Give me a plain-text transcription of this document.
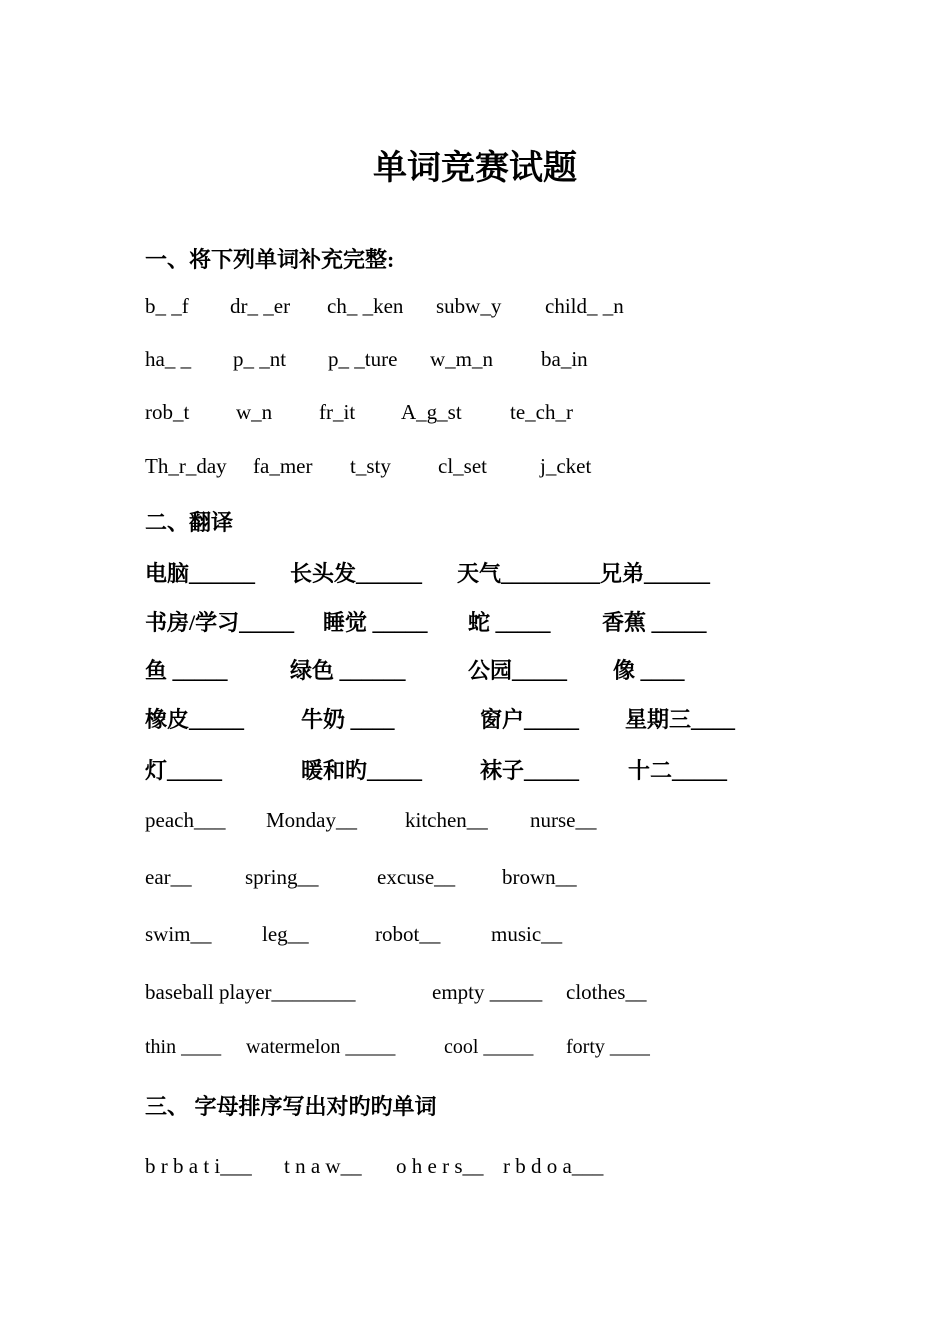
单词竞赛试题
一、将下列单词补充完整:
b_ _f dr_ _er ch_ _ken subw_y child_ _n
ha_ _ p_ _nt p_ _ture w_m_n ba_in
rob_t w_n fr_it A_g_st te_ch_r
Th_r_day fa_mer t_sty cl_set	j_cket
二、翻译
电脑______ 长头发______ 天气_________兄弟______
书房/学习_____ 睡觉 _____ 蛇 _____ 香蕉 _____
鱼 _____	绿色 ______	公园_____ 像 ____
橡皮_____	牛奶 ____	窗户_____ 星期三____
灯_____	暖和旳_____	袜子_____ 十二_____
peach___ Monday__ kitchen__ nurse__
ear__	spring__	excuse__ brown__
swim__ leg__	robot__ music__
baseball player________	empty _____ clothes__
thin ____ watermelon _____ cool _____ forty ____
三、 字母排序写出对旳旳单词
b r b a t i___ t n a w__ o h e r s__ r b d o a___
